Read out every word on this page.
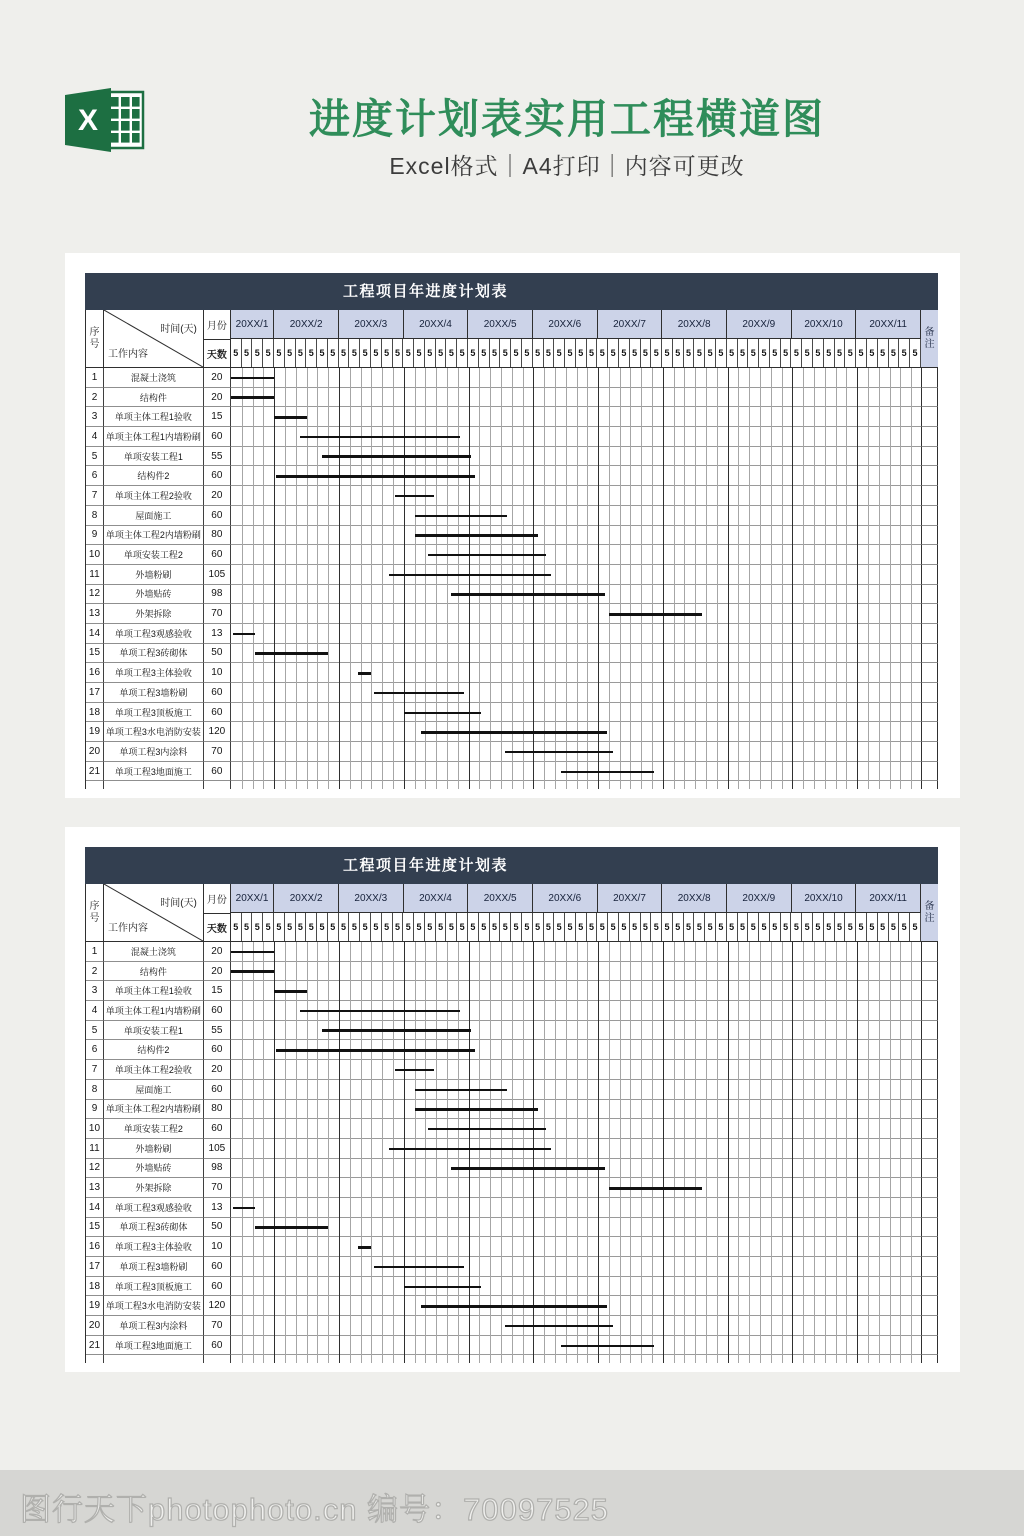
X	进度计划表实用工程横道图
Excel格式｜A4打印｜内容可更改
工程项目年进度计划表
序
号
时间(天)
工作内容
月份
天数
20XX/1	20XX/2	20XX/3	20XX/4	20XX/5	20XX/6	20XX/7	20XX/8	20XX/9	20XX/10	20XX/11
5 5 5 5 5 5 5 5 5 5 5 5 5 5 5 5 5 5 5 5 5 5 5 5 5 5 5 5 5 5 5 5 5 5 5 5 5 5 5 5 5 5 5 5 5 5 5 5 5 5 5 5 5 5 5 5 5 5 5 5 5 5 5 5
备
注
1	混凝土浇筑	20
2	结构件	20
3	单项主体工程1验收	15
4 单项主体工程1内墙粉刷	60
5	单项安装工程1	55
6	结构件2	60
7	单项主体工程2验收	20
8	屋面施工	60
9 单项主体工程2内墙粉刷	80
10	单项安装工程2	60
11	外墙粉刷	105
12	外墙贴砖	98
13	外架拆除	70
14	单项工程3观感验收	13
15	单项工程3砖砌体	50
16	单项工程3主体验收	10
17	单项工程3墙粉刷	60
18	单项工程3顶板施工	60
19 单项工程3水电消防安装 120
20	单项工程3内涂料	70
21	单项工程3地面施工	60
工程项目年进度计划表
序
号
时间(天)
工作内容
月份
天数
20XX/1	20XX/2	20XX/3	20XX/4	20XX/5	20XX/6	20XX/7	20XX/8	20XX/9	20XX/10	20XX/11
5 5 5 5 5 5 5 5 5 5 5 5 5 5 5 5 5 5 5 5 5 5 5 5 5 5 5 5 5 5 5 5 5 5 5 5 5 5 5 5 5 5 5 5 5 5 5 5 5 5 5 5 5 5 5 5 5 5 5 5 5 5 5 5
备
注
1	混凝土浇筑	20
2	结构件	20
3	单项主体工程1验收	15
4 单项主体工程1内墙粉刷	60
5	单项安装工程1	55
6	结构件2	60
7	单项主体工程2验收	20
8	屋面施工	60
9 单项主体工程2内墙粉刷	80
10	单项安装工程2	60
11	外墙粉刷	105
12	外墙贴砖	98
13	外架拆除	70
14	单项工程3观感验收	13
15	单项工程3砖砌体	50
16	单项工程3主体验收	10
17	单项工程3墙粉刷	60
18	单项工程3顶板施工	60
19 单项工程3水电消防安装 120
20	单项工程3内涂料	70
21	单项工程3地面施工	60
图行天下photophoto.cn 编号：70097525
